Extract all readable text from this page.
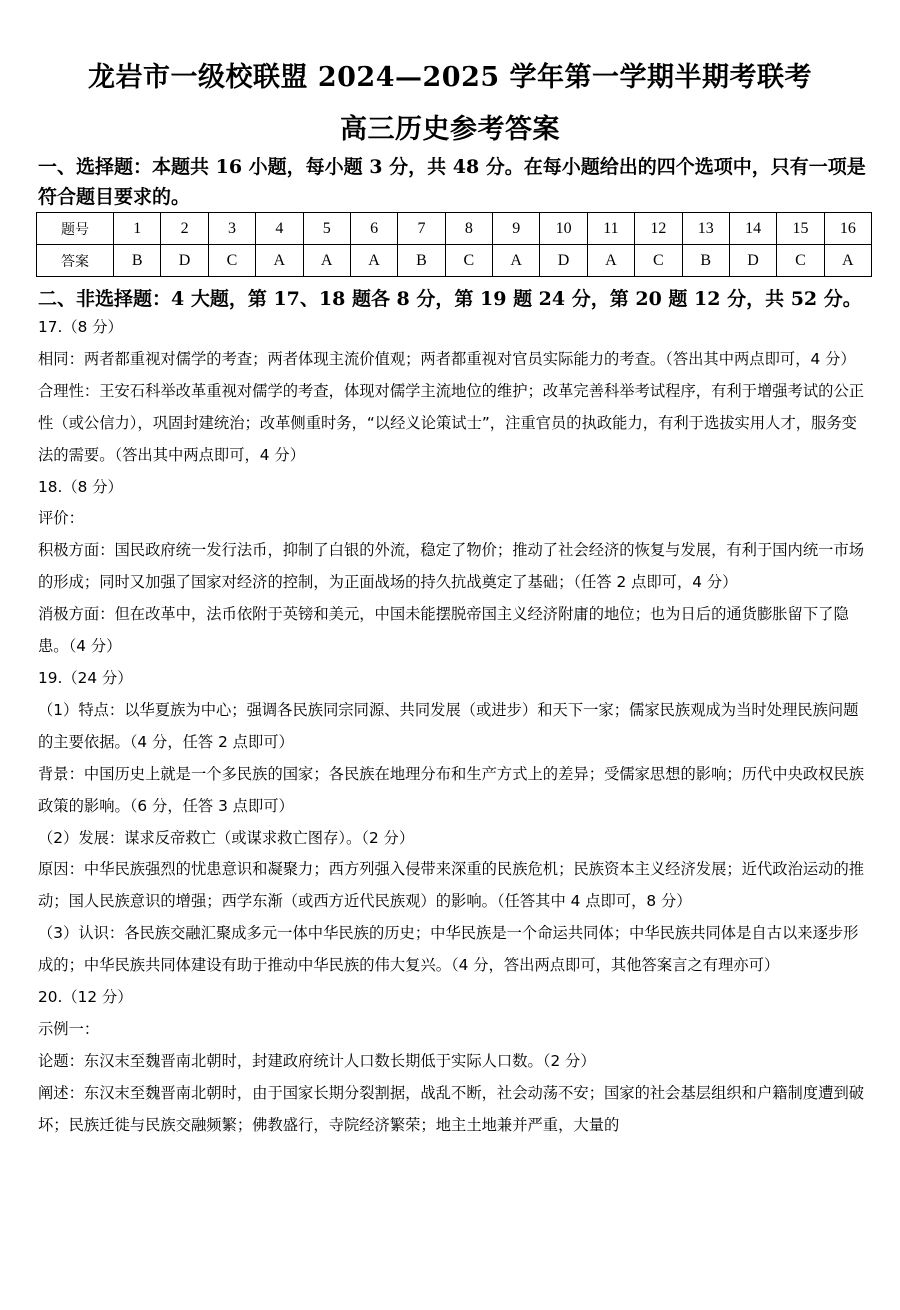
龙岩市一级校联盟 2024—2025 学年第一学期半期考联考
高三历史参考答案
一、选择题：本题共 16 小题，每小题 3 分，共 48 分。在每小题给出的四个选项中，只有一项是符合题目要求的。
题号	1	2	3	4	5	6	7	8	9	10	11	12	13	14	15	16
答案	B	D	C	A	A	A	B	C	A	D	A	C	B	D	C	A
二、非选择题：4 大题，第 17、18 题各 8 分，第 19 题 24 分，第 20 题 12 分，共 52 分。

17.（8 分）

相同：两者都重视对儒学的考查；两者体现主流价值观；两者都重视对官员实际能力的考查。（答出其中两点即可，4 分）

合理性：王安石科举改革重视对儒学的考查，体现对儒学主流地位的维护；改革完善科举考试程序，有利于增强考试的公正性（或公信力），巩固封建统治；改革侧重时务，“以经义论策试士”，注重官员的执政能力，有利于选拔实用人才，服务变法的需要。（答出其中两点即可，4 分）

18.（8 分）

评价：

积极方面：国民政府统一发行法币，抑制了白银的外流，稳定了物价；推动了社会经济的恢复与发展，有利于国内统一市场的形成；同时又加强了国家对经济的控制，为正面战场的持久抗战奠定了基础；（任答 2 点即可，4 分）

消极方面：但在改革中，法币依附于英镑和美元，中国未能摆脱帝国主义经济附庸的地位；也为日后的通货膨胀留下了隐患。（4 分）

19.（24 分）

（1）特点：以华夏族为中心；强调各民族同宗同源、共同发展（或进步）和天下一家；儒家民族观成为当时处理民族问题的主要依据。（4 分，任答 2 点即可）

背景：中国历史上就是一个多民族的国家；各民族在地理分布和生产方式上的差异；受儒家思想的影响；历代中央政权民族政策的影响。（6 分，任答 3 点即可）

（2）发展：谋求反帝救亡（或谋求救亡图存）。（2 分）

原因：中华民族强烈的忧患意识和凝聚力；西方列强入侵带来深重的民族危机；民族资本主义经济发展；近代政治运动的推动；国人民族意识的增强；西学东渐（或西方近代民族观）的影响。（任答其中 4 点即可，8 分）

（3）认识：各民族交融汇聚成多元一体中华民族的历史；中华民族是一个命运共同体；中华民族共同体是自古以来逐步形成的；中华民族共同体建设有助于推动中华民族的伟大复兴。（4 分，答出两点即可，其他答案言之有理亦可）

20.（12 分）

示例一：

论题：东汉末至魏晋南北朝时，封建政府统计人口数长期低于实际人口数。（2 分）

阐述：东汉末至魏晋南北朝时，由于国家长期分裂割据，战乱不断，社会动荡不安；国家的社会基层组织和户籍制度遭到破坏；民族迁徙与民族交融频繁；佛教盛行，寺院经济繁荣；地主土地兼并严重，大量的
